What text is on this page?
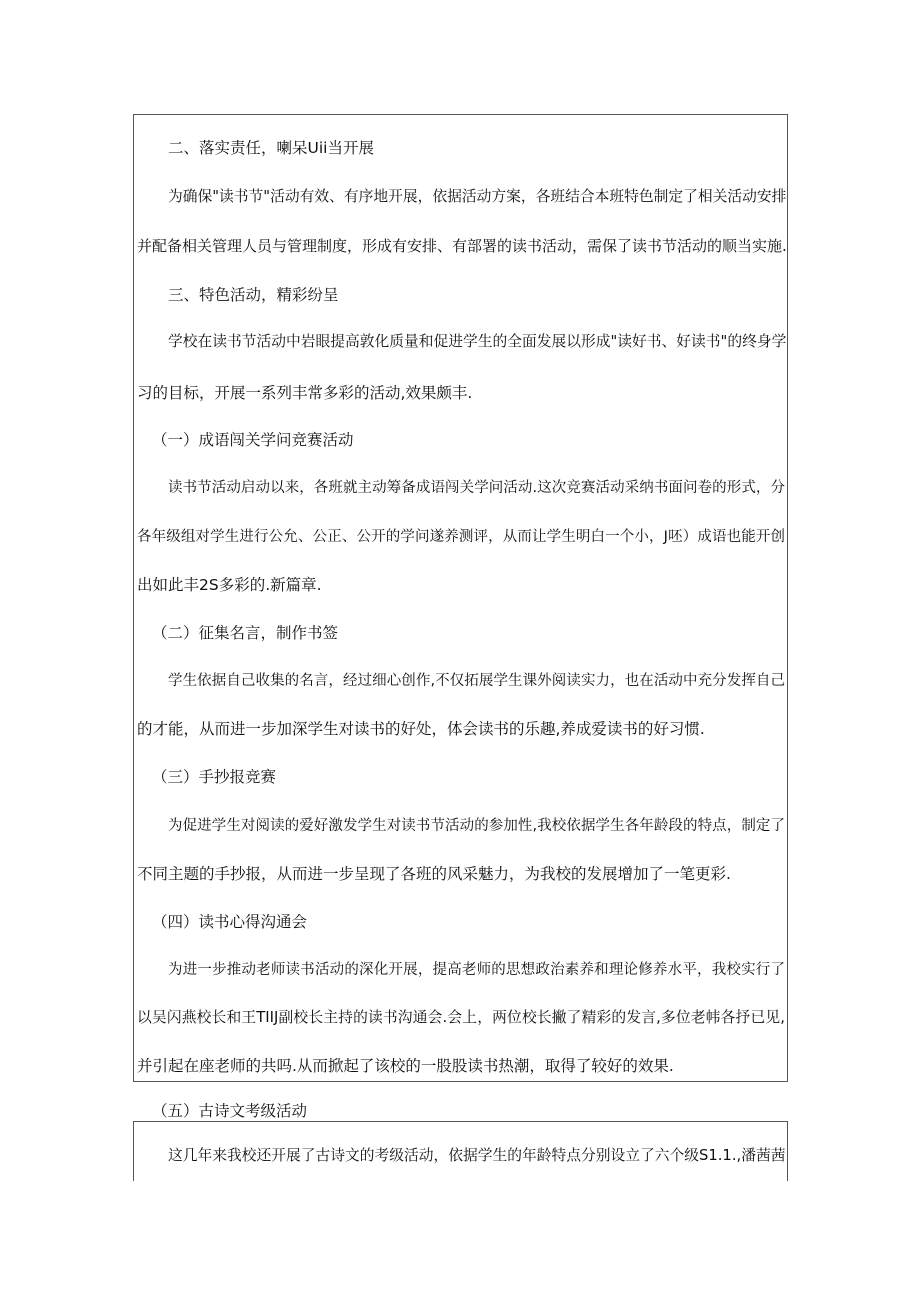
二、落实责任，喇呆Uii当开展
为确保"读书节"活动有效、有序地开展，依据活动方案，各班结合本班特色制定了相关活动安排
并配备相关管理人员与管理制度，形成有安排、有部署的读书活动，需保了读书节活动的顺当实施.
三、特色活动，精彩纷呈
学校在读书节活动中岩眼提高敦化质量和促进学生的全面发展以形成"读好书、好读书"的终身学
习的目标，开展一系列丰常多彩的活动,效果颇丰.
（一）成语闯关学问竞赛活动
读书节活动启动以来，各班就主动筹备成语闯关学问活动.这次竞赛活动采纳书面问卷的形式，分
各年级组对学生进行公允、公正、公开的学问遂养测评，从而让学生明白一个小，J呸）成语也能开创
出如此丰2S多彩的.新篇章.
（二）征集名言，制作书签
学生依据自己收集的名言，经过细心创作,不仅拓展学生课外阅读实力，也在活动中充分发挥自己
的才能，从而进一步加深学生对读书的好处，体会读书的乐趣,养成爱读书的好习惯.
（三）手抄报竞赛
为促进学生对阅读的爱好激发学生对读书节活动的参加性,我校依据学生各年龄段的特点，制定了
不同主题的手抄报，从而进一步呈现了各班的风采魅力，为我校的发展增加了一笔更彩.
（四）读书心得沟通会
为进一步推动老师读书活动的深化开展，提高老师的思想政治素养和理论修养水平，我校实行了
以吴闪燕校长和王TIIJ副校长主持的读书沟通会.会上，两位校长撇了精彩的发言,多位老帏各抒已见,
并引起在座老师的共吗.从而掀起了该校的一股股读书热潮，取得了较好的效果.
（五）古诗文考级活动
这几年来我校还开展了古诗文的考级活动，依据学生的年龄特点分别设立了六个级S1.1.,潘茜茜
